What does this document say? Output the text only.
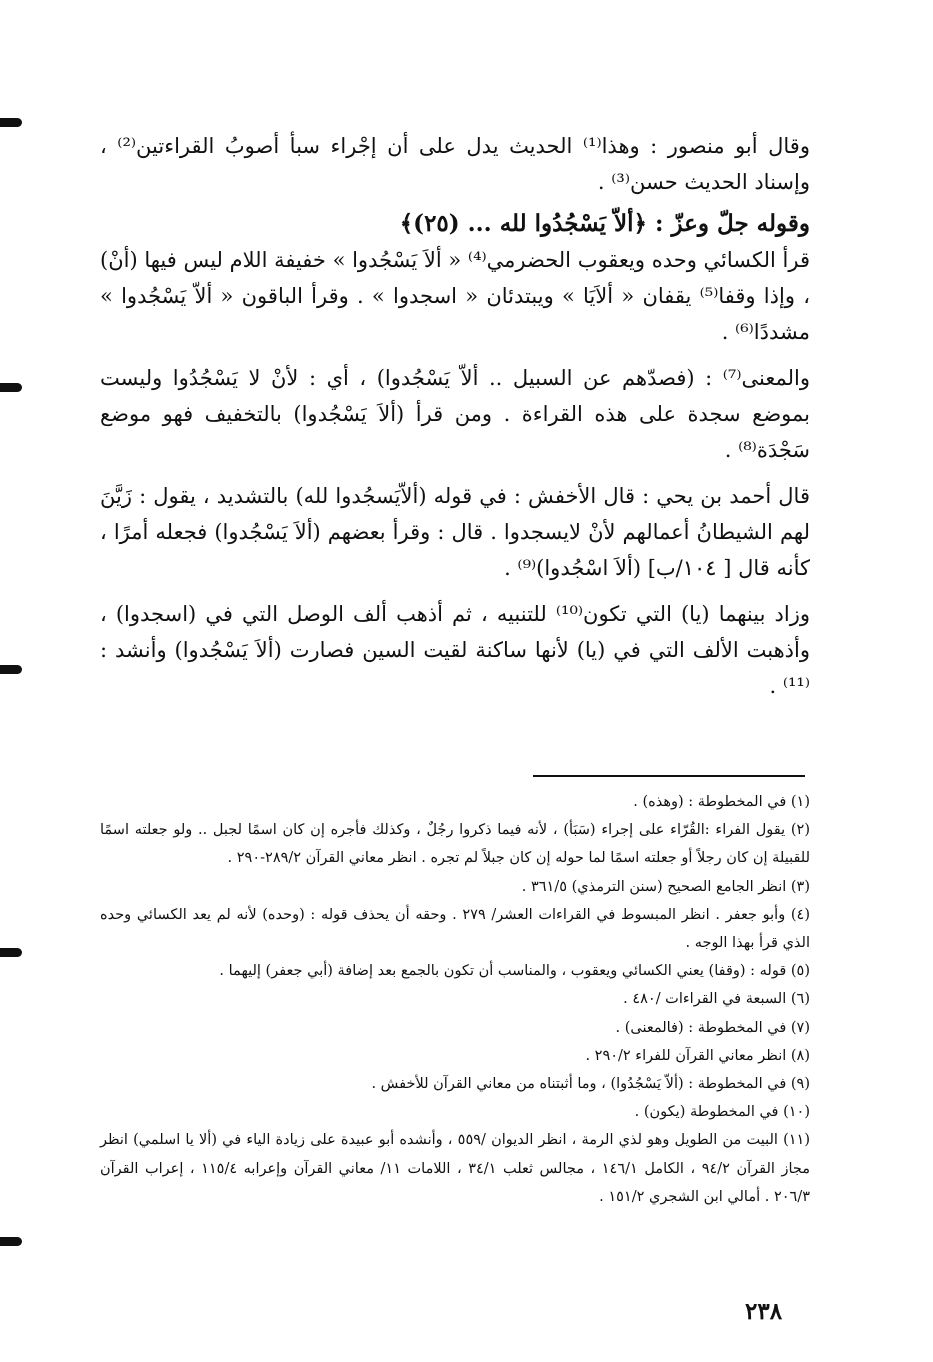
وقال أبو منصور : وهذا⁽¹⁾ الحديث يدل على أن إجْراء سبأ أصوبُ القراءتين⁽²⁾ ، وإسناد الحديث حسن⁽³⁾ .

وقوله جلّ وعزّ : ﴿ألاّ يَسْجُدُوا لله ... (٢٥)﴾

قرأ الكسائي وحده ويعقوب الحضرمي⁽⁴⁾ « ألاَ يَسْجُدوا » خفيفة اللام ليس فيها (أنْ) ، وإذا وقفا⁽⁵⁾ يقفان « ألاَيَا » ويبتدئان « اسجدوا » . وقرأ الباقون « ألاّ يَسْجُدوا » مشددًا⁽⁶⁾ .

والمعنى⁽⁷⁾ : (فصدّهم عن السبيل .. ألاّ يَسْجُدوا) ، أي : لأنْ لا يَسْجُدُوا وليست بموضع سجدة على هذه القراءة . ومن قرأ (ألاَ يَسْجُدوا) بالتخفيف فهو موضع سَجْدَة⁽⁸⁾ .

قال أحمد بن يحي : قال الأخفش : في قوله (ألاّيَسجُدوا لله) بالتشديد ، يقول : زَيَّنَ لهم الشيطانُ أعمالهم لأنْ لايسجدوا . قال : وقرأ بعضهم (ألاَ يَسْجُدوا) فجعله أمرًا ، كأنه قال [ ١٠٤/ب] (ألاَ اسْجُدوا)⁽⁹⁾ .

وزاد بينهما (يا) التي تكون⁽¹⁰⁾ للتنبيه ، ثم أذهب ألف الوصل التي في (اسجدوا) ، وأذهبت الألف التي في (يا) لأنها ساكنة لقيت السين فصارت (ألاَ يَسْجُدوا) وأنشد :⁽¹¹⁾ .

(١) في المخطوطة : (وهذه) .

(٢) يقول الفراء :القُرّاء على إجراء (سَبَأ) ، لأنه فيما ذكروا رجُلٌ ، وكذلك فأجره إن كان اسمًا لجبل .. ولو جعلته اسمًا للقبيلة إن كان رجلاً أو جعلته اسمًا لما حوله إن كان جبلاً لم تجره . انظر معاني القرآن ٢٨٩/٢-٢٩٠ .

(٣) انظر الجامع الصحيح (سنن الترمذي) ٣٦١/٥ .

(٤) وأبو جعفر . انظر المبسوط في القراءات العشر/ ٢٧٩ . وحقه أن يحذف قوله : (وحده) لأنه لم يعد الكسائي وحده الذي قرأ بهذا الوجه .

(٥) قوله : (وقفا) يعني الكسائي ويعقوب ، والمناسب أن تكون بالجمع بعد إضافة (أبي جعفر) إليهما .

(٦) السبعة في القراءات /٤٨٠ .

(٧) في المخطوطة : (فالمعنى) .

(٨) انظر معاني القرآن للفراء ٢٩٠/٢ .

(٩) في المخطوطة : (ألاّ يَسْجُدُوا) ، وما أثبتناه من معاني القرآن للأخفش .

(١٠) في المخطوطة (يكون) .

(١١) البيت من الطويل وهو لذي الرمة ، انظر الديوان /٥٥٩ ، وأنشده أبو عبيدة على زيادة الياء في (ألا يا اسلمي) انظر مجاز القرآن ٩٤/٢ ، الكامل ١٤٦/١ ، مجالس ثعلب ٣٤/١ ، اللامات ١١/ معاني القرآن وإعرابه ١١٥/٤ ، إعراب القرآن ٢٠٦/٣ . أمالي ابن الشجري ١٥١/٢ .

٢٣٨
